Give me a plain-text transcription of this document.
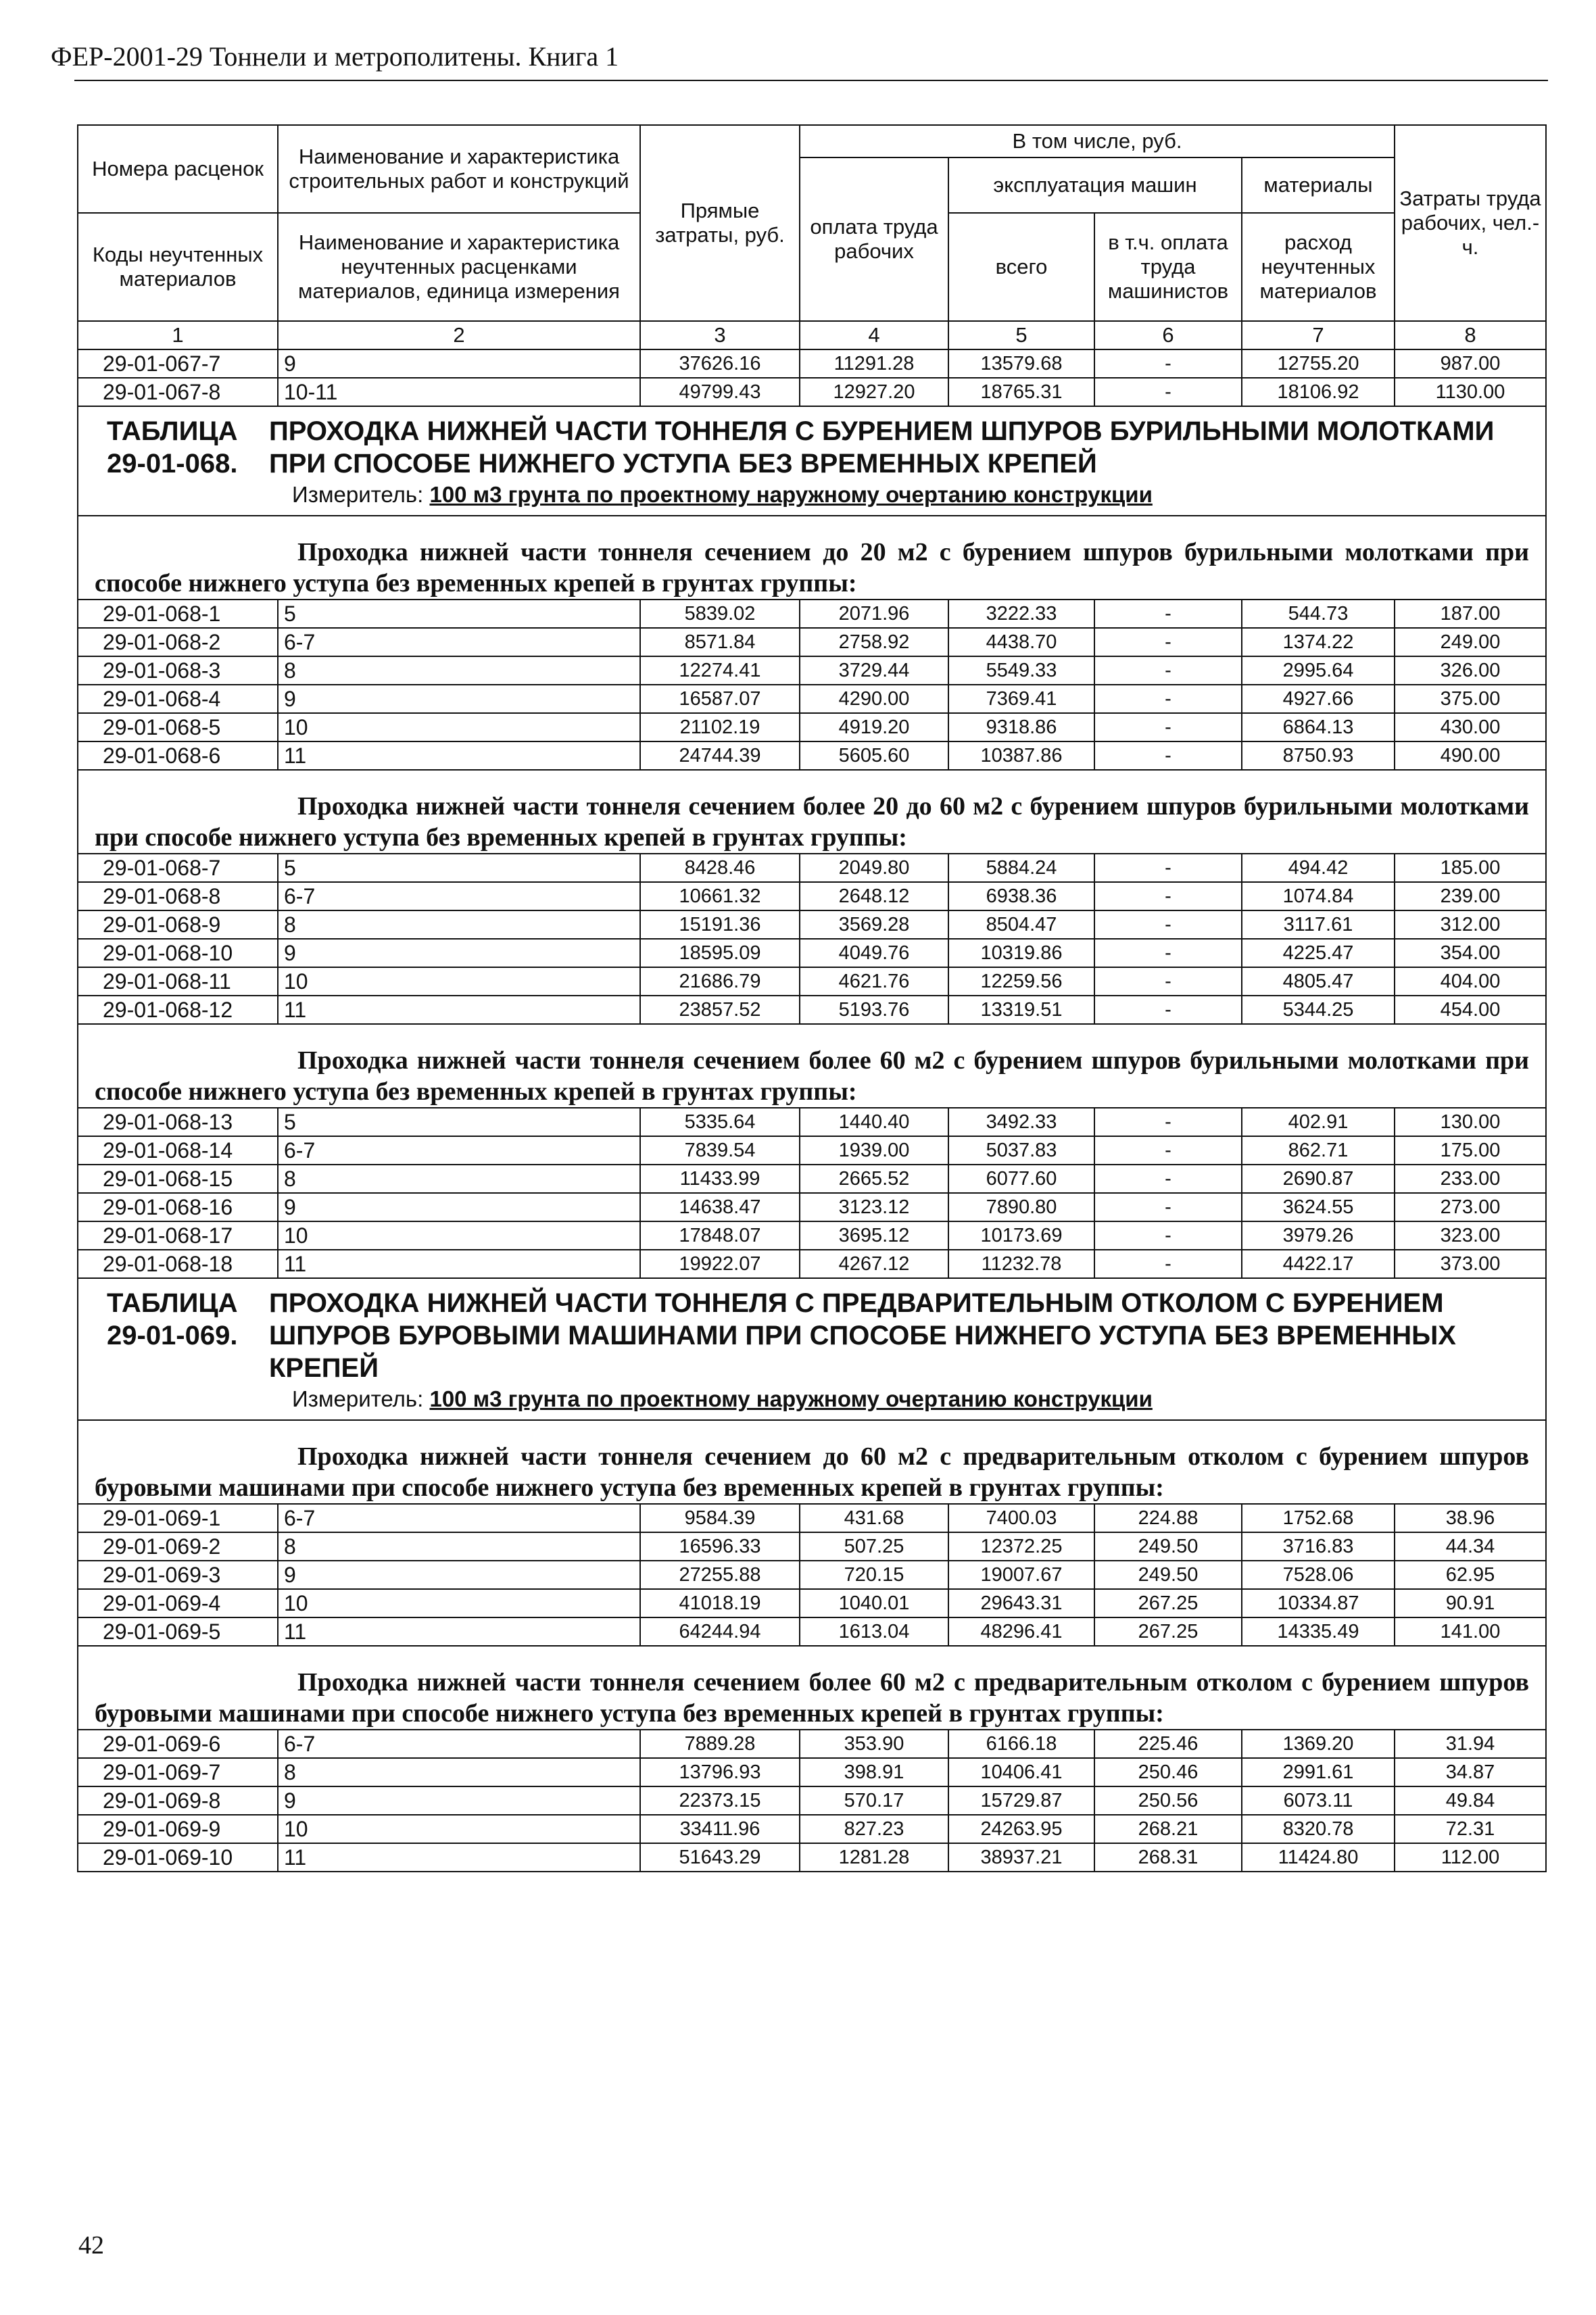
ФЕР-2001-29 Тоннели и метрополитены. Книга 1
Номера расценок	Наименование и характеристика строительных работ и конструкций	Прямые затраты, руб.	В том числе, руб.				Затраты труда рабочих, чел.-ч.
			оплата труда рабочих	эксплуатация машин		материалы	
Коды неучтенных материалов	Наименование и характеристика неучтенных расценками материалов, единица измерения			всего	в т.ч. оплата труда машинистов	расход неучтенных материалов	
1	2	3	4	5	6	7	8
29-01-067-7	9	37626.16	11291.28	13579.68	-	12755.20	987.00
29-01-067-8	10-11	49799.43	12927.20	18765.31	-	18106.92	1130.00
ТАБЛИЦА 29-01-068.ПРОХОДКА НИЖНЕЙ ЧАСТИ ТОННЕЛЯ С БУРЕНИЕМ ШПУРОВ БУРИЛЬНЫМИ МОЛОТКАМИ ПРИ СПОСОБЕ НИЖНЕГО УСТУПА БЕЗ ВРЕМЕННЫХ КРЕПЕЙ							
Измеритель: 100 м3 грунта по проектному наружному очертанию конструкции							

Проходка нижней части тоннеля сечением до 20 м2 с бурением шпуров бурильными молотками при способе нижнего уступа без временных крепей в грунтах группы:							

29-01-068-1	5	5839.02	2071.96	3222.33	-	544.73	187.00
29-01-068-2	6-7	8571.84	2758.92	4438.70	-	1374.22	249.00
29-01-068-3	8	12274.41	3729.44	5549.33	-	2995.64	326.00
29-01-068-4	9	16587.07	4290.00	7369.41	-	4927.66	375.00
29-01-068-5	10	21102.19	4919.20	9318.86	-	6864.13	430.00
29-01-068-6	11	24744.39	5605.60	10387.86	-	8750.93	490.00

Проходка нижней части тоннеля сечением более 20 до 60 м2 с бурением шпуров бурильными молотками при способе нижнего уступа без временных крепей в грунтах группы:							

29-01-068-7	5	8428.46	2049.80	5884.24	-	494.42	185.00
29-01-068-8	6-7	10661.32	2648.12	6938.36	-	1074.84	239.00
29-01-068-9	8	15191.36	3569.28	8504.47	-	3117.61	312.00
29-01-068-10	9	18595.09	4049.76	10319.86	-	4225.47	354.00
29-01-068-11	10	21686.79	4621.76	12259.56	-	4805.47	404.00
29-01-068-12	11	23857.52	5193.76	13319.51	-	5344.25	454.00

Проходка нижней части тоннеля сечением более 60 м2 с бурением шпуров бурильными молотками при способе нижнего уступа без временных крепей в грунтах группы:							

29-01-068-13	5	5335.64	1440.40	3492.33	-	402.91	130.00
29-01-068-14	6-7	7839.54	1939.00	5037.83	-	862.71	175.00
29-01-068-15	8	11433.99	2665.52	6077.60	-	2690.87	233.00
29-01-068-16	9	14638.47	3123.12	7890.80	-	3624.55	273.00
29-01-068-17	10	17848.07	3695.12	10173.69	-	3979.26	323.00
29-01-068-18	11	19922.07	4267.12	11232.78	-	4422.17	373.00
ТАБЛИЦА 29-01-069.ПРОХОДКА НИЖНЕЙ ЧАСТИ ТОННЕЛЯ С ПРЕДВАРИТЕЛЬНЫМ ОТКОЛОМ С БУРЕНИЕМ ШПУРОВ БУРОВЫМИ МАШИНАМИ ПРИ СПОСОБЕ НИЖНЕГО УСТУПА БЕЗ ВРЕМЕННЫХ КРЕПЕЙ							
Измеритель: 100 м3 грунта по проектному наружному очертанию конструкции							

Проходка нижней части тоннеля сечением до 60 м2 с предварительным отколом с бурением шпуров буровыми машинами при способе нижнего уступа без временных крепей в грунтах группы:							

29-01-069-1	6-7	9584.39	431.68	7400.03	224.88	1752.68	38.96
29-01-069-2	8	16596.33	507.25	12372.25	249.50	3716.83	44.34
29-01-069-3	9	27255.88	720.15	19007.67	249.50	7528.06	62.95
29-01-069-4	10	41018.19	1040.01	29643.31	267.25	10334.87	90.91
29-01-069-5	11	64244.94	1613.04	48296.41	267.25	14335.49	141.00

Проходка нижней части тоннеля сечением более 60 м2 с предварительным отколом с бурением шпуров буровыми машинами при способе нижнего уступа без временных крепей в грунтах группы:							

29-01-069-6	6-7	7889.28	353.90	6166.18	225.46	1369.20	31.94
29-01-069-7	8	13796.93	398.91	10406.41	250.46	2991.61	34.87
29-01-069-8	9	22373.15	570.17	15729.87	250.56	6073.11	49.84
29-01-069-9	10	33411.96	827.23	24263.95	268.21	8320.78	72.31
29-01-069-10	11	51643.29	1281.28	38937.21	268.31	11424.80	112.00
42
